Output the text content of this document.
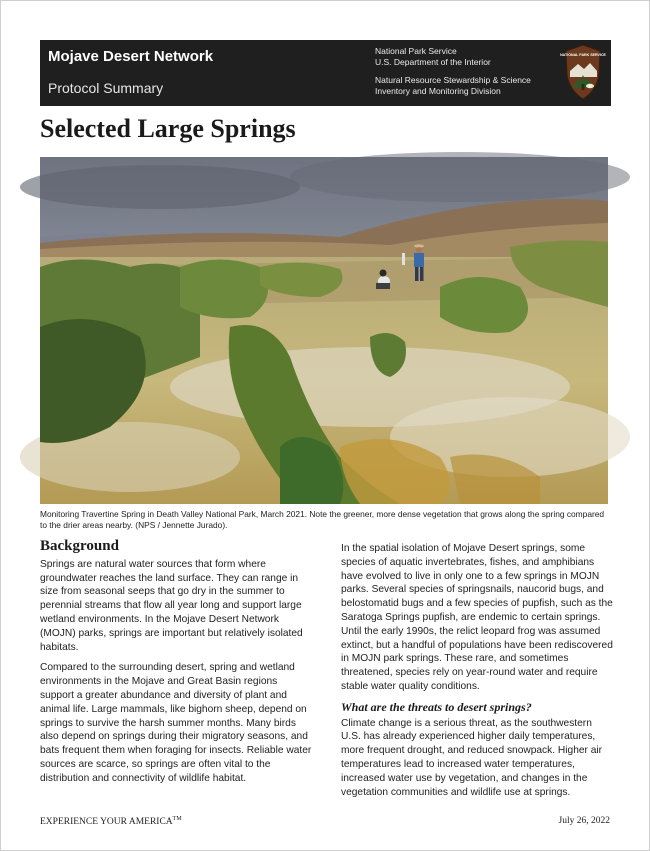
Mojave Desert Network
Protocol Summary
National Park Service
U.S. Department of the Interior
Natural Resource Stewardship & Science
Inventory and Monitoring Division
NATIONAL PARK SERVICE
Selected Large Springs
Monitoring Travertine Spring in Death Valley National Park, March 2021. Note the greener, more dense vegetation that grows along the spring compared to the drier areas nearby. (NPS / Jennette Jurado).
Background

Springs are natural water sources that form where groundwater reaches the land surface. They can range in size from seasonal seeps that go dry in the summer to perennial streams that flow all year long and support large wetland environments. In the Mojave Desert Network (MOJN) parks, springs are important but relatively isolated habitats.

Compared to the surrounding desert, spring and wetland environments in the Mojave and Great Basin regions support a greater abundance and diversity of plant and animal life. Large mammals, like bighorn sheep, depend on springs to survive the harsh summer months. Many birds also depend on springs during their migratory seasons, and bats frequent them when foraging for insects. Reliable water sources are scarce, so springs are often vital to the distribution and connectivity of wildlife habitat.

In the spatial isolation of Mojave Desert springs, some species of aquatic invertebrates, fishes, and amphibians have evolved to live in only one to a few springs in MOJN parks. Several species of springsnails, naucorid bugs, and belostomatid bugs and a few species of pupfish, such as the Saratoga Springs pupfish, are endemic to certain springs. Until the early 1990s, the relict leopard frog was assumed extinct, but a handful of populations have been rediscovered in MOJN park springs. These rare, and sometimes threatened, species rely on year-round water and require stable water quality conditions.

What are the threats to desert springs?

Climate change is a serious threat, as the southwestern U.S. has already experienced higher daily temperatures, more frequent drought, and reduced snowpack. Higher air temperatures lead to increased water temperatures, increased water use by vegetation, and changes in the vegetation communities and wildlife use at springs.

EXPERIENCE YOUR AMERICA™	July 26, 2022
